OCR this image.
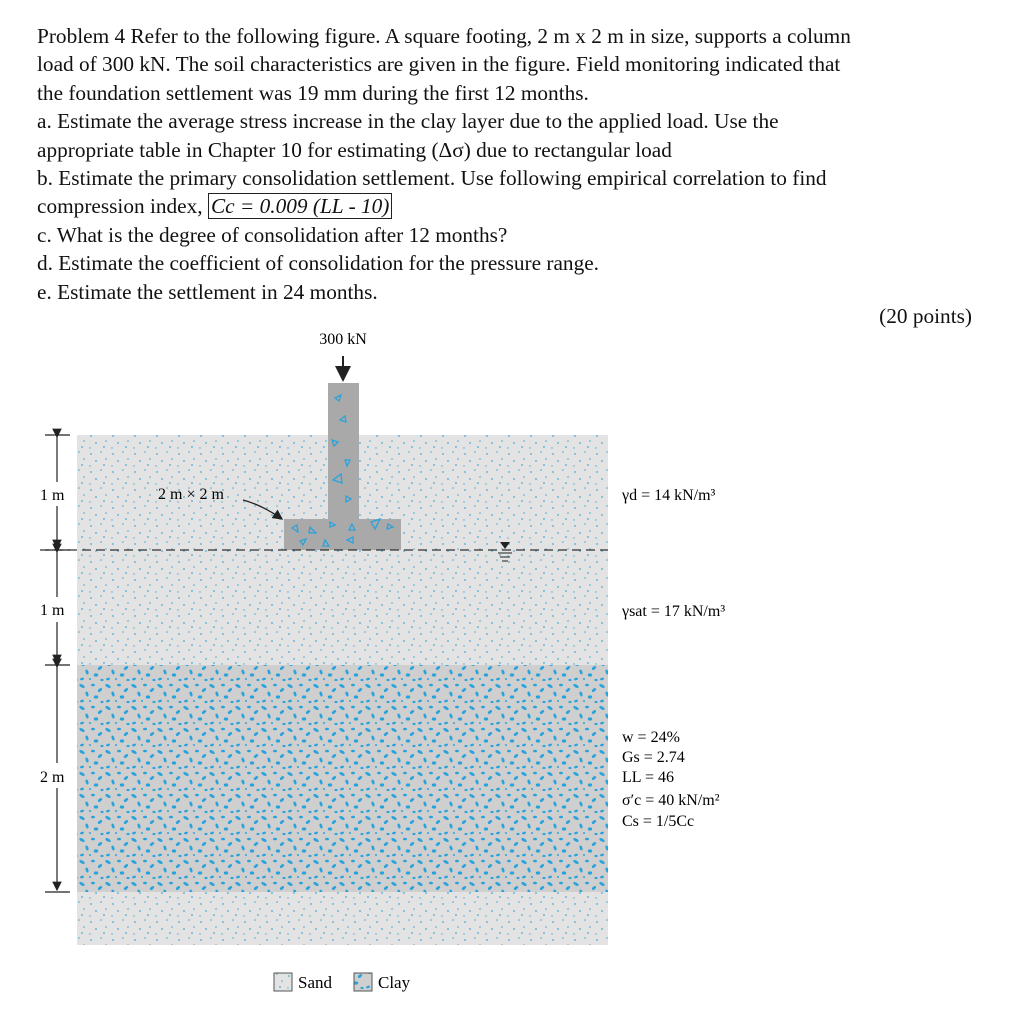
Problem 4 Refer to the following figure. A square footing, 2 m x 2 m in size, supports a column

load of 300 kN. The soil characteristics are given in the figure. Field monitoring indicated that

the foundation settlement was 19 mm during the first 12 months.

a. Estimate the average stress increase in the clay layer due to the applied load. Use the

appropriate table in Chapter 10 for estimating (Δσ) due to rectangular load

b. Estimate the primary consolidation settlement. Use following empirical correlation to find

compression index, Cc = 0.009 (LL - 10)

c. What is the degree of consolidation after 12 months?

d. Estimate the coefficient of consolidation for the pressure range.

e. Estimate the settlement in 24 months.

(20 points)
300 kN
2 m × 2 m
1 m
1 m
2 m
γd = 14 kN/m³
γsat = 17 kN/m³
w = 24%
Gs = 2.74
LL = 46
σ′c = 40 kN/m²
Cs = 1/5Cc
Sand	Clay
